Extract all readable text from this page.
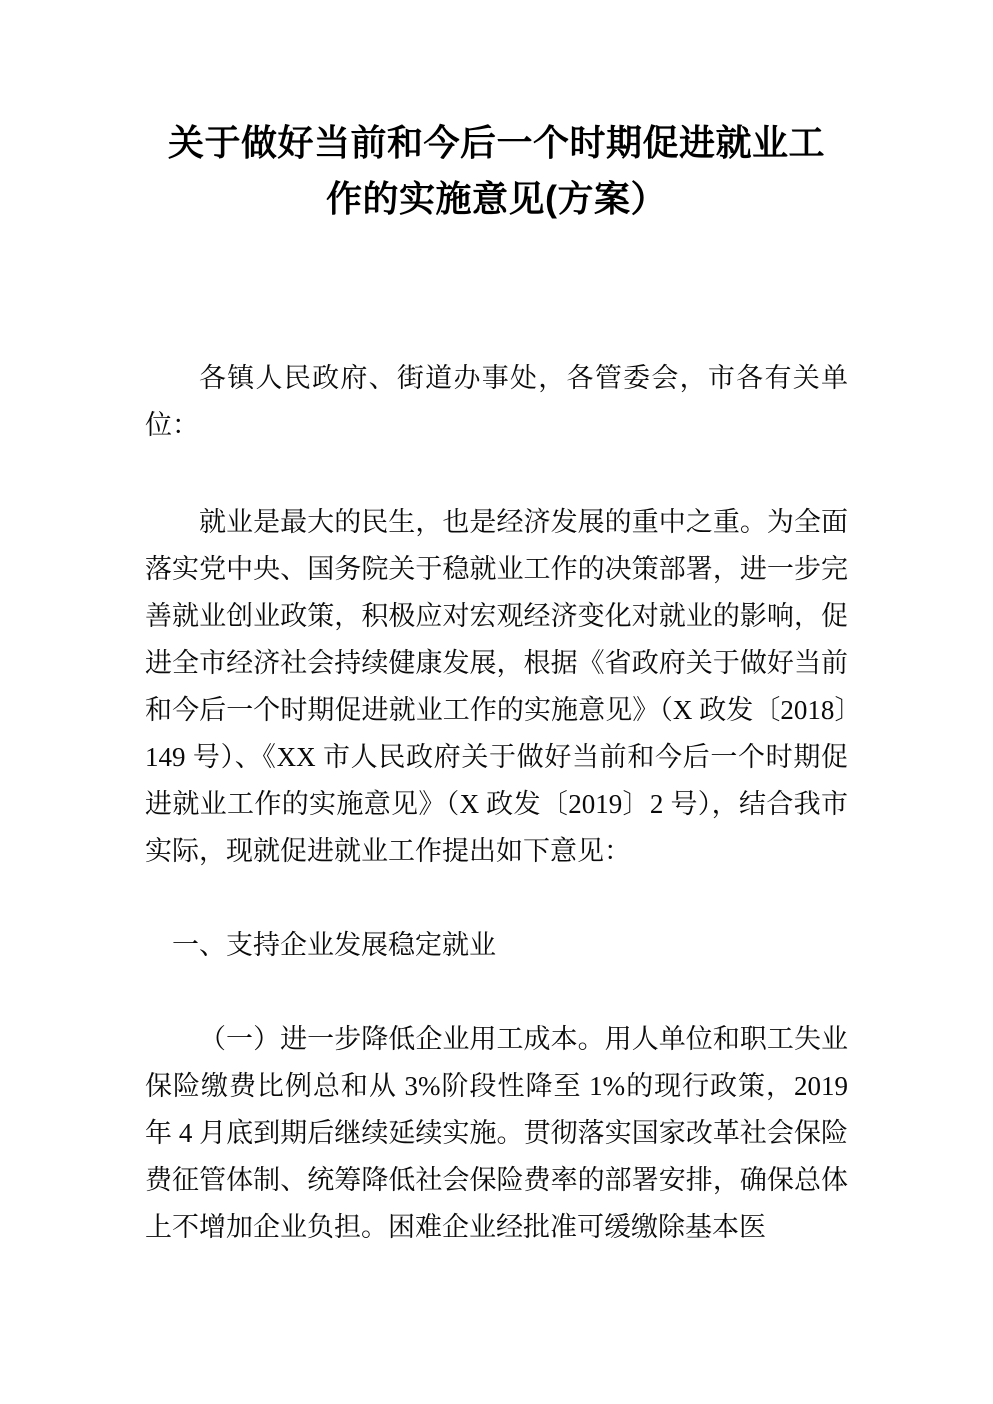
关于做好当前和今后一个时期促进就业工
作的实施意见(方案）

各镇人民政府、街道办事处，各管委会，市各有关单位：

就业是最大的民生，也是经济发展的重中之重。为全面落实党中央、国务院关于稳就业工作的决策部署，进一步完善就业创业政策，积极应对宏观经济变化对就业的影响，促进全市经济社会持续健康发展，根据《省政府关于做好当前和今后一个时期促进就业工作的实施意见》（X 政发〔2018〕149 号）、《XX 市人民政府关于做好当前和今后一个时期促进就业工作的实施意见》（X 政发〔2019〕2 号），结合我市实际，现就促进就业工作提出如下意见：

一、支持企业发展稳定就业

（一）进一步降低企业用工成本。用人单位和职工失业保险缴费比例总和从 3%阶段性降至 1%的现行政策，2019 年 4 月底到期后继续延续实施。贯彻落实国家改革社会保险费征管体制、统筹降低社会保险费率的部署安排，确保总体上不增加企业负担。困难企业经批准可缓缴除基本医
